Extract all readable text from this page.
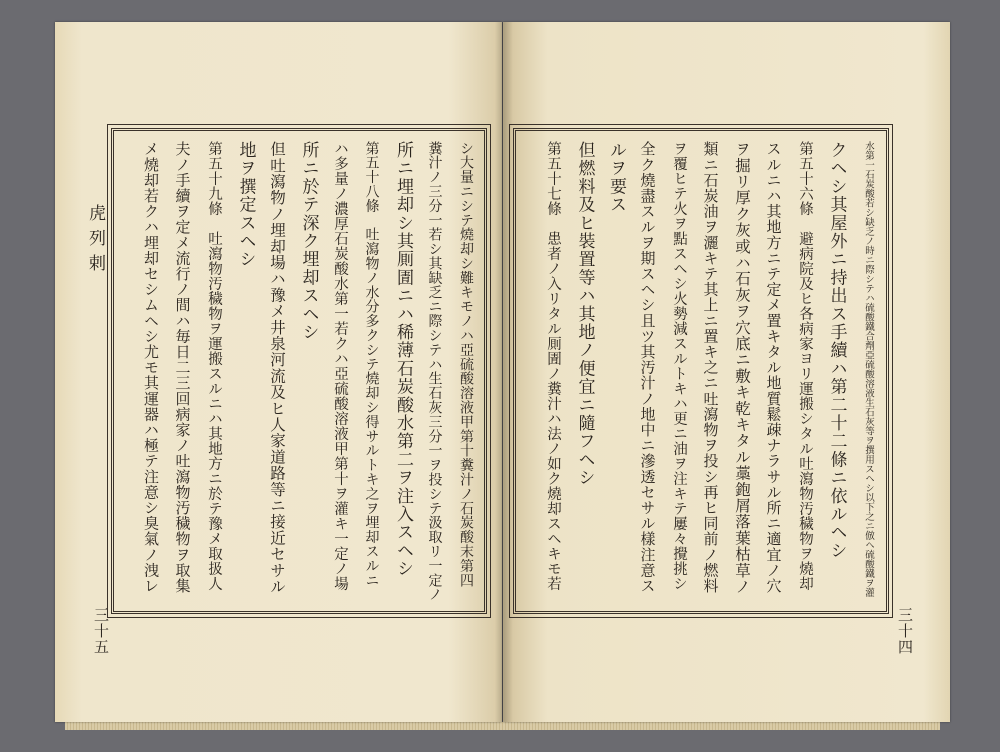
虎列剌
三十五
シ大量ニシテ燒却シ難キモノハ亞硫酸溶液甲第十糞汁ノ石炭酸末第四
糞汁ノ三分一若シ其缺乏ニ際シテハ生石灰三分一ヲ投シテ汲取リ一定ノ
所ニ埋却シ其厠圊ニハ稀薄石炭酸水第二ヲ注入スヘシ
第五十八條　吐瀉物ノ水分多クシテ燒却シ得サルトキ之ヲ埋却スルニ
ハ多量ノ濃厚石炭酸水第一若クハ亞硫酸溶液甲第十ヲ灌キ一定ノ場
所ニ於テ深ク埋却スヘシ
但吐瀉物ノ埋却場ハ豫メ井泉河流及ヒ人家道路等ニ接近セサル
地ヲ撰定スヘシ
第五十九條　吐瀉物汚穢物ヲ運搬スルニハ其地方ニ於テ豫メ取扱人
夫ノ手續ヲ定メ流行ノ間ハ毎日二三回病家ノ吐瀉物汚穢物ヲ取集
メ燒却若クハ埋却セシムヘシ尤モ其運器ハ極テ注意シ臭氣ノ洩レ
三十四
水第一石炭酸若シ缺乏ノ時ニ際シテハ硫酸鐵合劑亞硫酸溶液生石灰等ヲ撰用スヘシ以下之ニ倣ヘ硫酸鐵ヲ灌
クヘシ其屋外ニ持出ス手續ハ第二十二條ニ依ルヘシ
第五十六條　避病院及ヒ各病家ヨリ運搬シタル吐瀉物汚穢物ヲ燒却
スルニハ其地方ニテ定メ置キタル地質鬆疎ナラサル所ニ適宜ノ穴
ヲ掘リ厚ク灰或ハ石灰ヲ穴底ニ敷キ乾キタル藁鉋屑落葉枯草ノ
類ニ石炭油ヲ灑キテ其上ニ置キ之ニ吐瀉物ヲ投シ再ヒ同前ノ燃料
ヲ覆ヒテ火ヲ點スヘシ火勢減スルトキハ更ニ油ヲ注キテ屢々攪挑シ
全ク燒盡スルヲ期スヘシ且ツ其汚汁ノ地中ニ滲透セサル樣注意ス
ルヲ要ス
但燃料及ヒ裝置等ハ其地ノ便宜ニ隨フヘシ
第五十七條　患者ノ入リタル厠圊ノ糞汁ハ法ノ如ク燒却スヘキモ若
